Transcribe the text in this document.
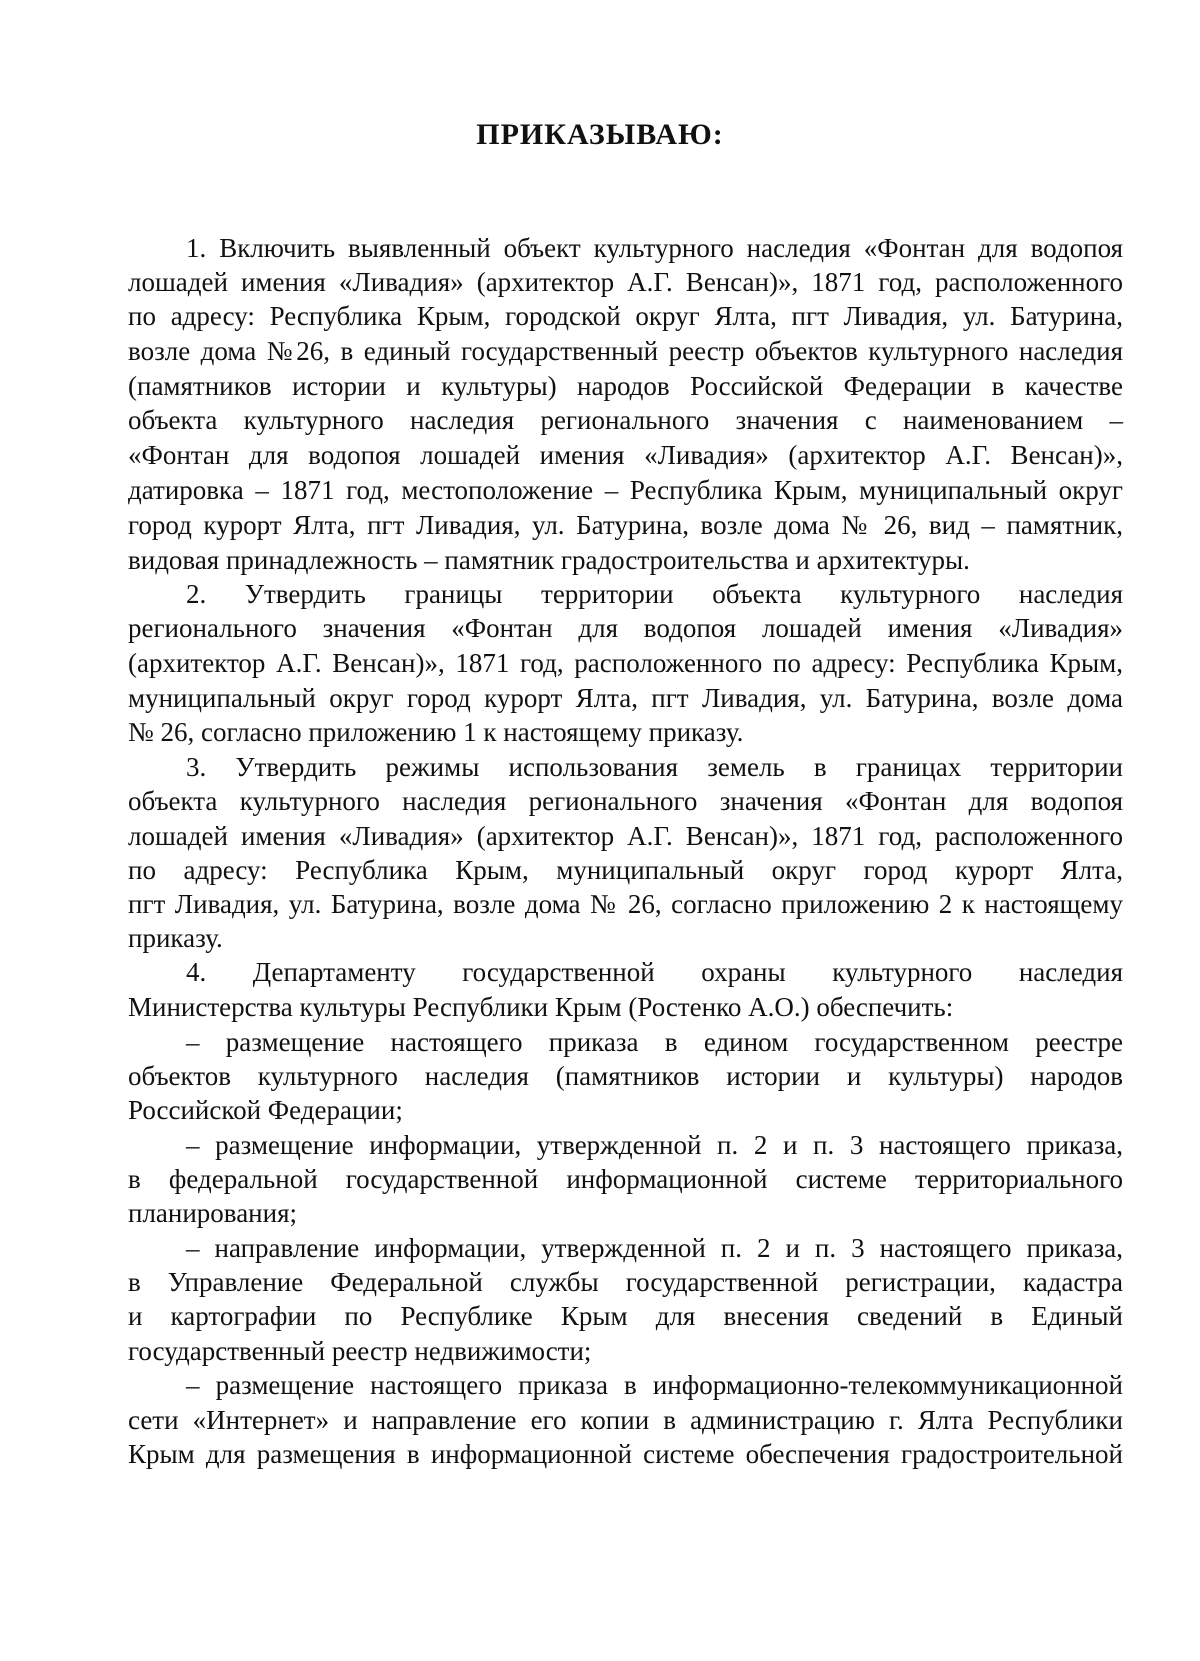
ПРИКАЗЫВАЮ:
1. Включить выявленный объект культурного наследия «Фонтан для водопоя
лошадей имения «Ливадия» (архитектор А.Г. Венсан)», 1871 год, расположенного
по адресу: Республика Крым, городской округ Ялта, пгт Ливадия, ул. Батурина,
возле дома №26, в единый государственный реестр объектов культурного наследия
(памятников истории и культуры) народов Российской Федерации в качестве
объекта культурного наследия регионального значения с наименованием –
«Фонтан для водопоя лошадей имения «Ливадия» (архитектор А.Г. Венсан)»,
датировка – 1871 год, местоположение – Республика Крым, муниципальный округ
город курорт Ялта, пгт Ливадия, ул. Батурина, возле дома № 26, вид – памятник,
видовая принадлежность – памятник градостроительства и архитектуры.
2. Утвердить границы территории объекта культурного наследия
регионального значения «Фонтан для водопоя лошадей имения «Ливадия»
(архитектор А.Г. Венсан)», 1871 год, расположенного по адресу: Республика Крым,
муниципальный округ город курорт Ялта, пгт Ливадия, ул. Батурина, возле дома
№ 26, согласно приложению 1 к настоящему приказу.
3. Утвердить режимы использования земель в границах территории
объекта культурного наследия регионального значения «Фонтан для водопоя
лошадей имения «Ливадия» (архитектор А.Г. Венсан)», 1871 год, расположенного
по адресу: Республика Крым, муниципальный округ город курорт Ялта,
пгт Ливадия, ул. Батурина, возле дома № 26, согласно приложению 2 к настоящему
приказу.
4. Департаменту государственной охраны культурного наследия
Министерства культуры Республики Крым (Ростенко А.О.) обеспечить:
– размещение настоящего приказа в едином государственном реестре
объектов культурного наследия (памятников истории и культуры) народов
Российской Федерации;
– размещение информации, утвержденной п. 2 и п. 3 настоящего приказа,
в федеральной государственной информационной системе территориального
планирования;
– направление информации, утвержденной п. 2 и п. 3 настоящего приказа,
в Управление Федеральной службы государственной регистрации, кадастра
и картографии по Республике Крым для внесения сведений в Единый
государственный реестр недвижимости;
– размещение настоящего приказа в информационно-телекоммуникационной
сети «Интернет» и направление его копии в администрацию г. Ялта Республики
Крым для размещения в информационной системе обеспечения градостроительной
